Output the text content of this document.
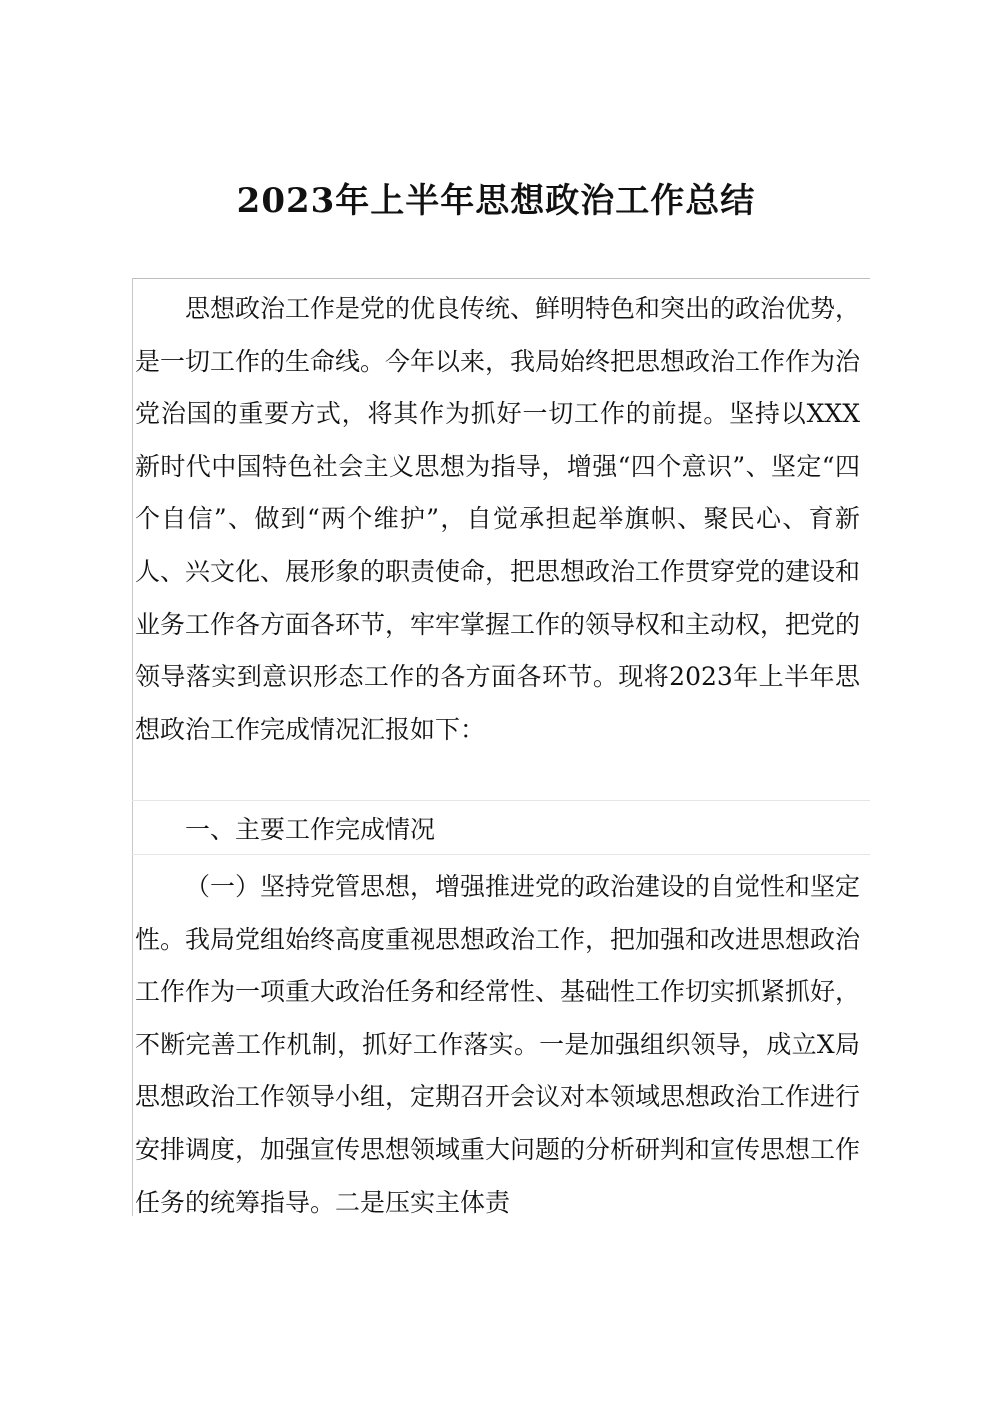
2023年上半年思想政治工作总结

思想政治工作是党的优良传统、鲜明特色和突出的政治优势，是一切工作的生命线。今年以来，我局始终把思想政治工作作为治党治国的重要方式，将其作为抓好一切工作的前提。坚持以XXX新时代中国特色社会主义思想为指导，增强“四个意识”、坚定“四个自信”、做到“两个维护”，自觉承担起举旗帜、聚民心、育新人、兴文化、展形象的职责使命，把思想政治工作贯穿党的建设和业务工作各方面各环节，牢牢掌握工作的领导权和主动权，把党的领导落实到意识形态工作的各方面各环节。现将2023年上半年思想政治工作完成情况汇报如下：

一、主要工作完成情况

（一）坚持党管思想，增强推进党的政治建设的自觉性和坚定性。我局党组始终高度重视思想政治工作，把加强和改进思想政治工作作为一项重大政治任务和经常性、基础性工作切实抓紧抓好，不断完善工作机制，抓好工作落实。一是加强组织领导，成立X局思想政治工作领导小组，定期召开会议对本领域思想政治工作进行安排调度，加强宣传思想领域重大问题的分析研判和宣传思想工作任务的统筹指导。二是压实主体责
